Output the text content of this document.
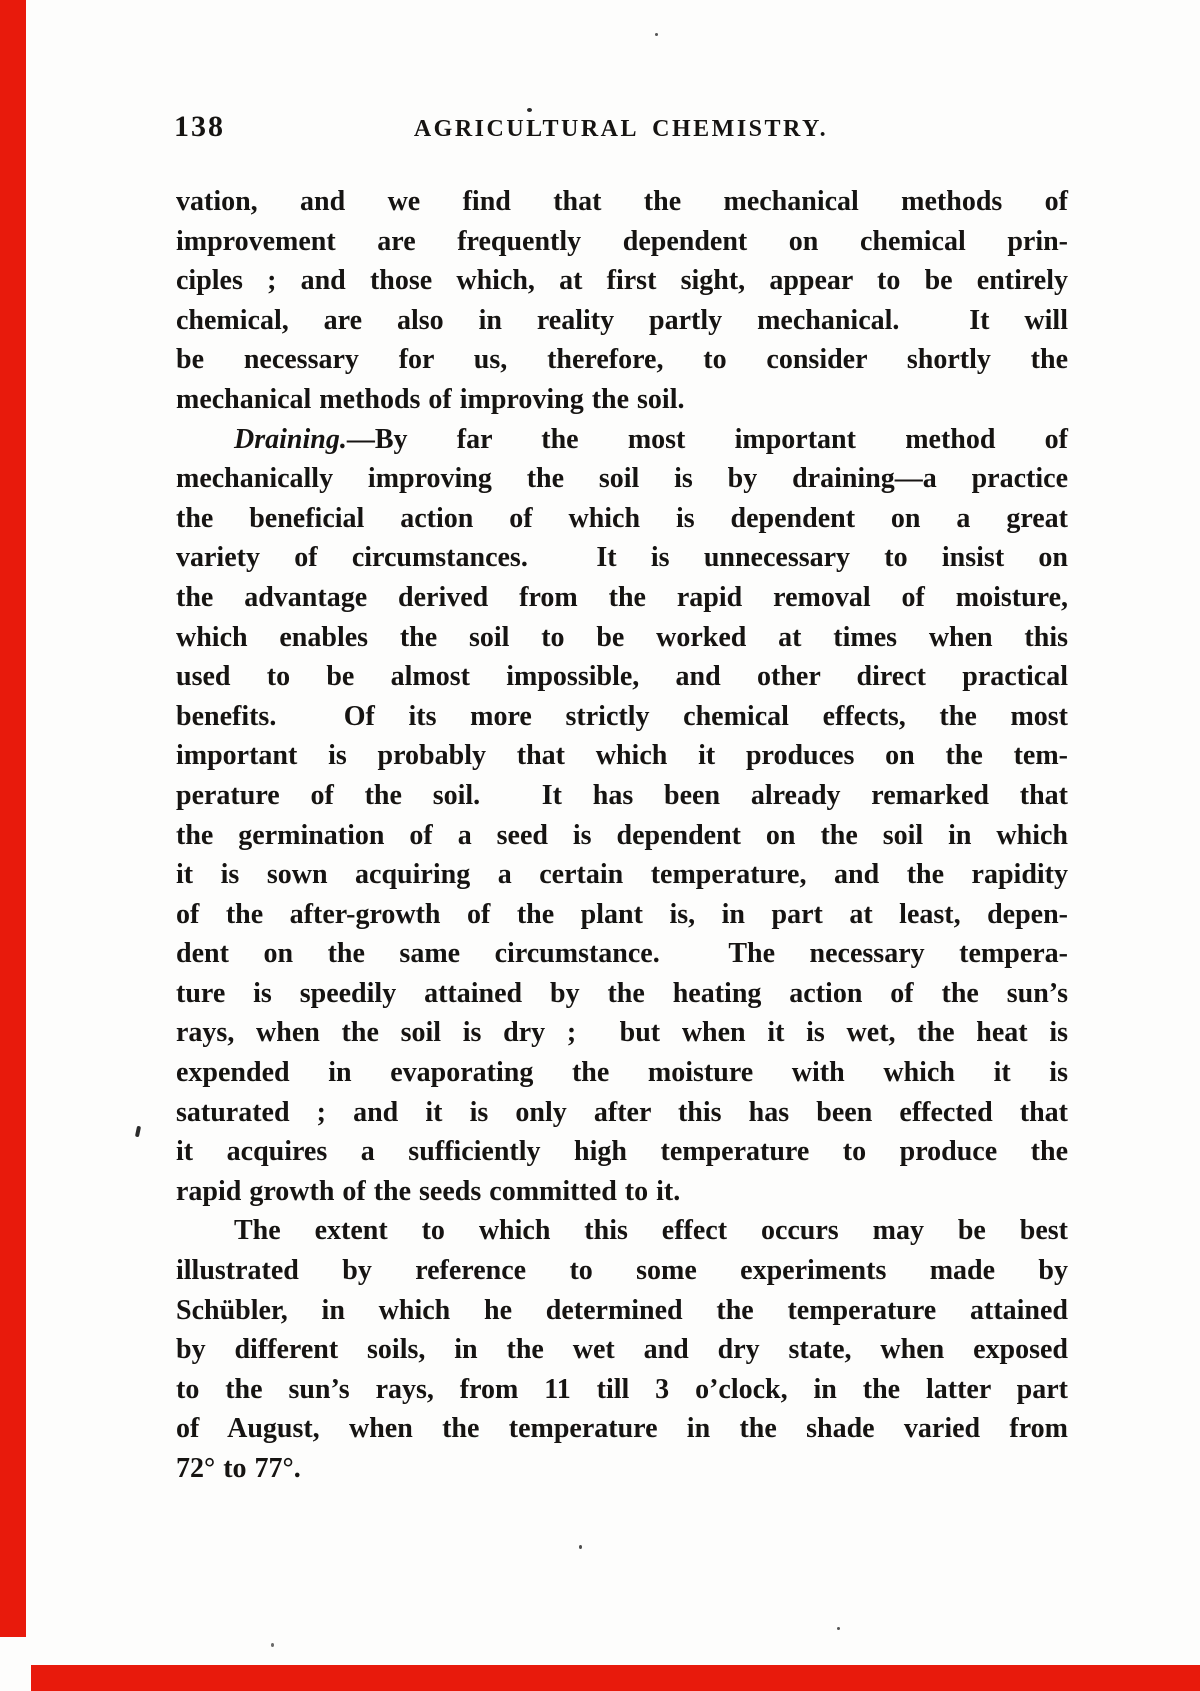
138	AGRICULTURAL CHEMISTRY.
vation, and we find that the mechanical methods of
improvement are frequently dependent on chemical prin-
ciples ; and those which, at first sight, appear to be entirely
chemical, are also in reality partly mechanical.  It will
be necessary for us, therefore, to consider shortly the
mechanical methods of improving the soil.
Draining.—By far the most important method of
mechanically improving the soil is by draining—a practice
the beneficial action of which is dependent on a great
variety of circumstances.  It is unnecessary to insist on
the advantage derived from the rapid removal of moisture,
which enables the soil to be worked at times when this
used to be almost impossible, and other direct practical
benefits.  Of its more strictly chemical effects, the most
important is probably that which it produces on the tem-
perature of the soil.  It has been already remarked that
the germination of a seed is dependent on the soil in which
it is sown acquiring a certain temperature, and the rapidity
of the after-growth of the plant is, in part at least, depen-
dent on the same circumstance.  The necessary tempera-
ture is speedily attained by the heating action of the sun’s
rays, when the soil is dry ;  but when it is wet, the heat is
expended in evaporating the moisture with which it is
saturated ; and it is only after this has been effected that
it acquires a sufficiently high temperature to produce the
rapid growth of the seeds committed to it.
The extent to which this effect occurs may be best
illustrated by reference to some experiments made by
Schübler, in which he determined the temperature attained
by different soils, in the wet and dry state, when exposed
to the sun’s rays, from 11 till 3 o’clock, in the latter part
of August, when the temperature in the shade varied from
72° to 77°.
